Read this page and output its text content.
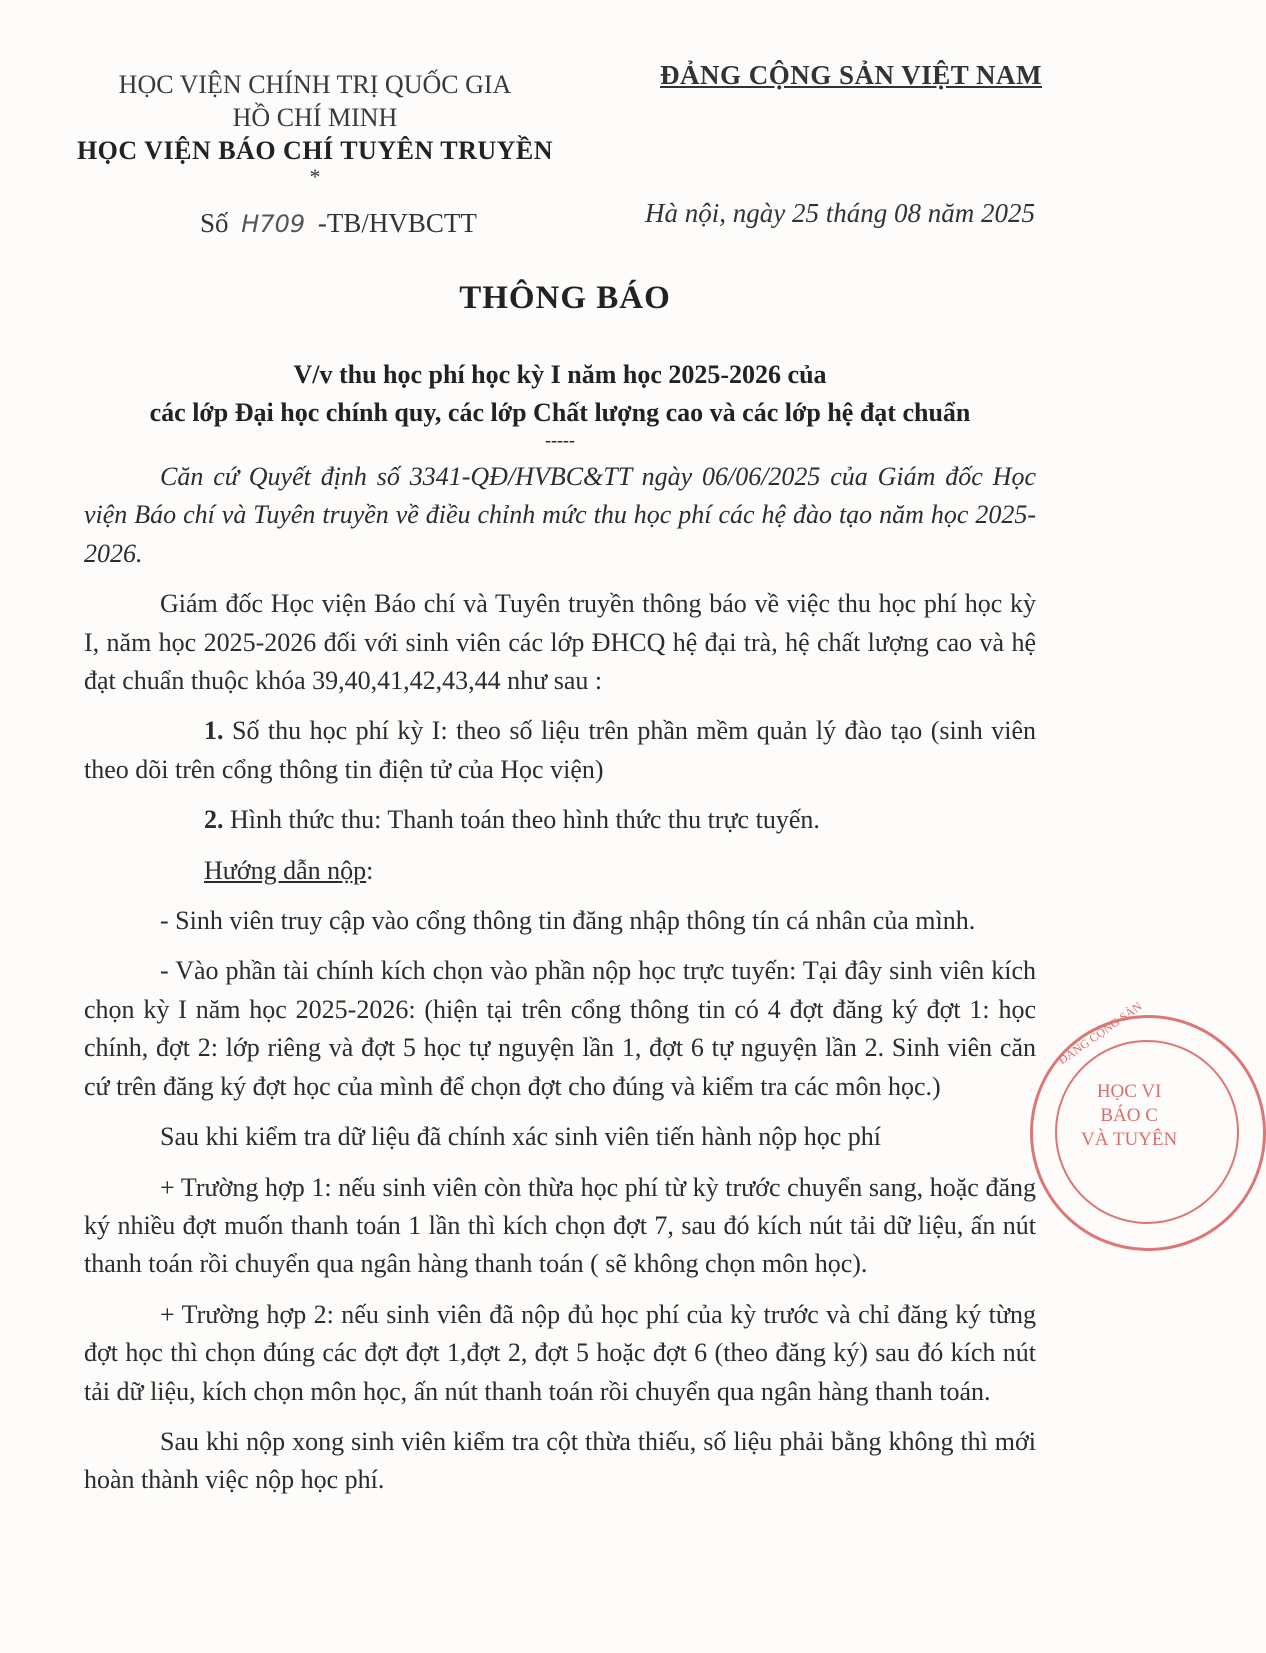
HỌC VIỆN CHÍNH TRỊ QUỐC GIA
HỒ CHÍ MINH
HỌC VIỆN BÁO CHÍ TUYÊN TRUYỀN
*
ĐẢNG CỘNG SẢN VIỆT NAM
Số H709 -TB/HVBCTT	Hà nội, ngày 25 tháng 08 năm 2025
THÔNG BÁO
V/v thu học phí học kỳ I năm học 2025-2026 của
các lớp Đại học chính quy, các lớp Chất lượng cao và các lớp hệ đạt chuẩn
-----

Căn cứ Quyết định số 3341-QĐ/HVBC&TT ngày 06/06/2025 của Giám đốc Học viện Báo chí và Tuyên truyền về điều chỉnh mức thu học phí các hệ đào tạo năm học 2025-2026.

Giám đốc Học viện Báo chí và Tuyên truyền thông báo về việc thu học phí học kỳ I, năm học 2025-2026 đối với sinh viên các lớp ĐHCQ hệ đại trà, hệ chất lượng cao và hệ đạt chuẩn thuộc khóa 39,40,41,42,43,44 như sau :

1. Số thu học phí kỳ I: theo số liệu trên phần mềm quản lý đào tạo (sinh viên theo dõi trên cổng thông tin điện tử của Học viện)

2. Hình thức thu: Thanh toán theo hình thức thu trực tuyến.

Hướng dẫn nộp:

- Sinh viên truy cập vào cổng thông tin đăng nhập thông tín cá nhân của mình.

- Vào phần tài chính kích chọn vào phần nộp học trực tuyến: Tại đây sinh viên kích chọn kỳ I năm học 2025-2026: (hiện tại trên cổng thông tin có 4 đợt đăng ký đợt 1: học chính, đợt 2: lớp riêng và đợt 5 học tự nguyện lần 1, đợt 6 tự nguyện lần 2. Sinh viên căn cứ trên đăng ký đợt học của mình để chọn đợt cho đúng và kiểm tra các môn học.)

Sau khi kiểm tra dữ liệu đã chính xác sinh viên tiến hành nộp học phí

+ Trường hợp 1: nếu sinh viên còn thừa học phí từ kỳ trước chuyển sang, hoặc đăng ký nhiều đợt muốn thanh toán 1 lần thì kích chọn đợt 7, sau đó kích nút tải dữ liệu, ấn nút thanh toán rồi chuyển qua ngân hàng thanh toán ( sẽ không chọn môn học).

+ Trường hợp 2: nếu sinh viên đã nộp đủ học phí của kỳ trước và chỉ đăng ký từng đợt học thì chọn đúng các đợt đợt 1,đợt 2, đợt 5 hoặc đợt 6 (theo đăng ký) sau đó kích nút tải dữ liệu, kích chọn môn học, ấn nút thanh toán rồi chuyển qua ngân hàng thanh toán.

Sau khi nộp xong sinh viên kiểm tra cột thừa thiếu, số liệu phải bằng không thì mới hoàn thành việc nộp học phí.

ĐẢNG CỘNG SẢN
HỌC VI
BÁO C
VÀ TUYÊN
